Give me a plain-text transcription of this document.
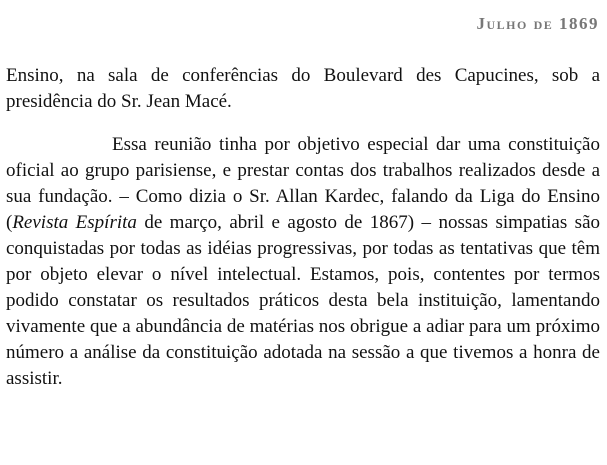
Julho de 1869

Ensino, na sala de conferências do Boulevard des Capucines, sob a presidência do Sr. Jean Macé.

Essa reunião tinha por objetivo especial dar uma constituição oficial ao grupo parisiense, e prestar contas dos trabalhos realizados desde a sua fundação. – Como dizia o Sr. Allan Kardec, falando da Liga do Ensino (Revista Espírita de março, abril e agosto de 1867) – nossas simpatias são conquistadas por todas as idéias progressivas, por todas as tentativas que têm por objeto elevar o nível intelectual. Estamos, pois, contentes por termos podido constatar os resultados práticos desta bela instituição, lamentando vivamente que a abundância de matérias nos obrigue a adiar para um próximo número a análise da constituição adotada na sessão a que tivemos a honra de assistir.
